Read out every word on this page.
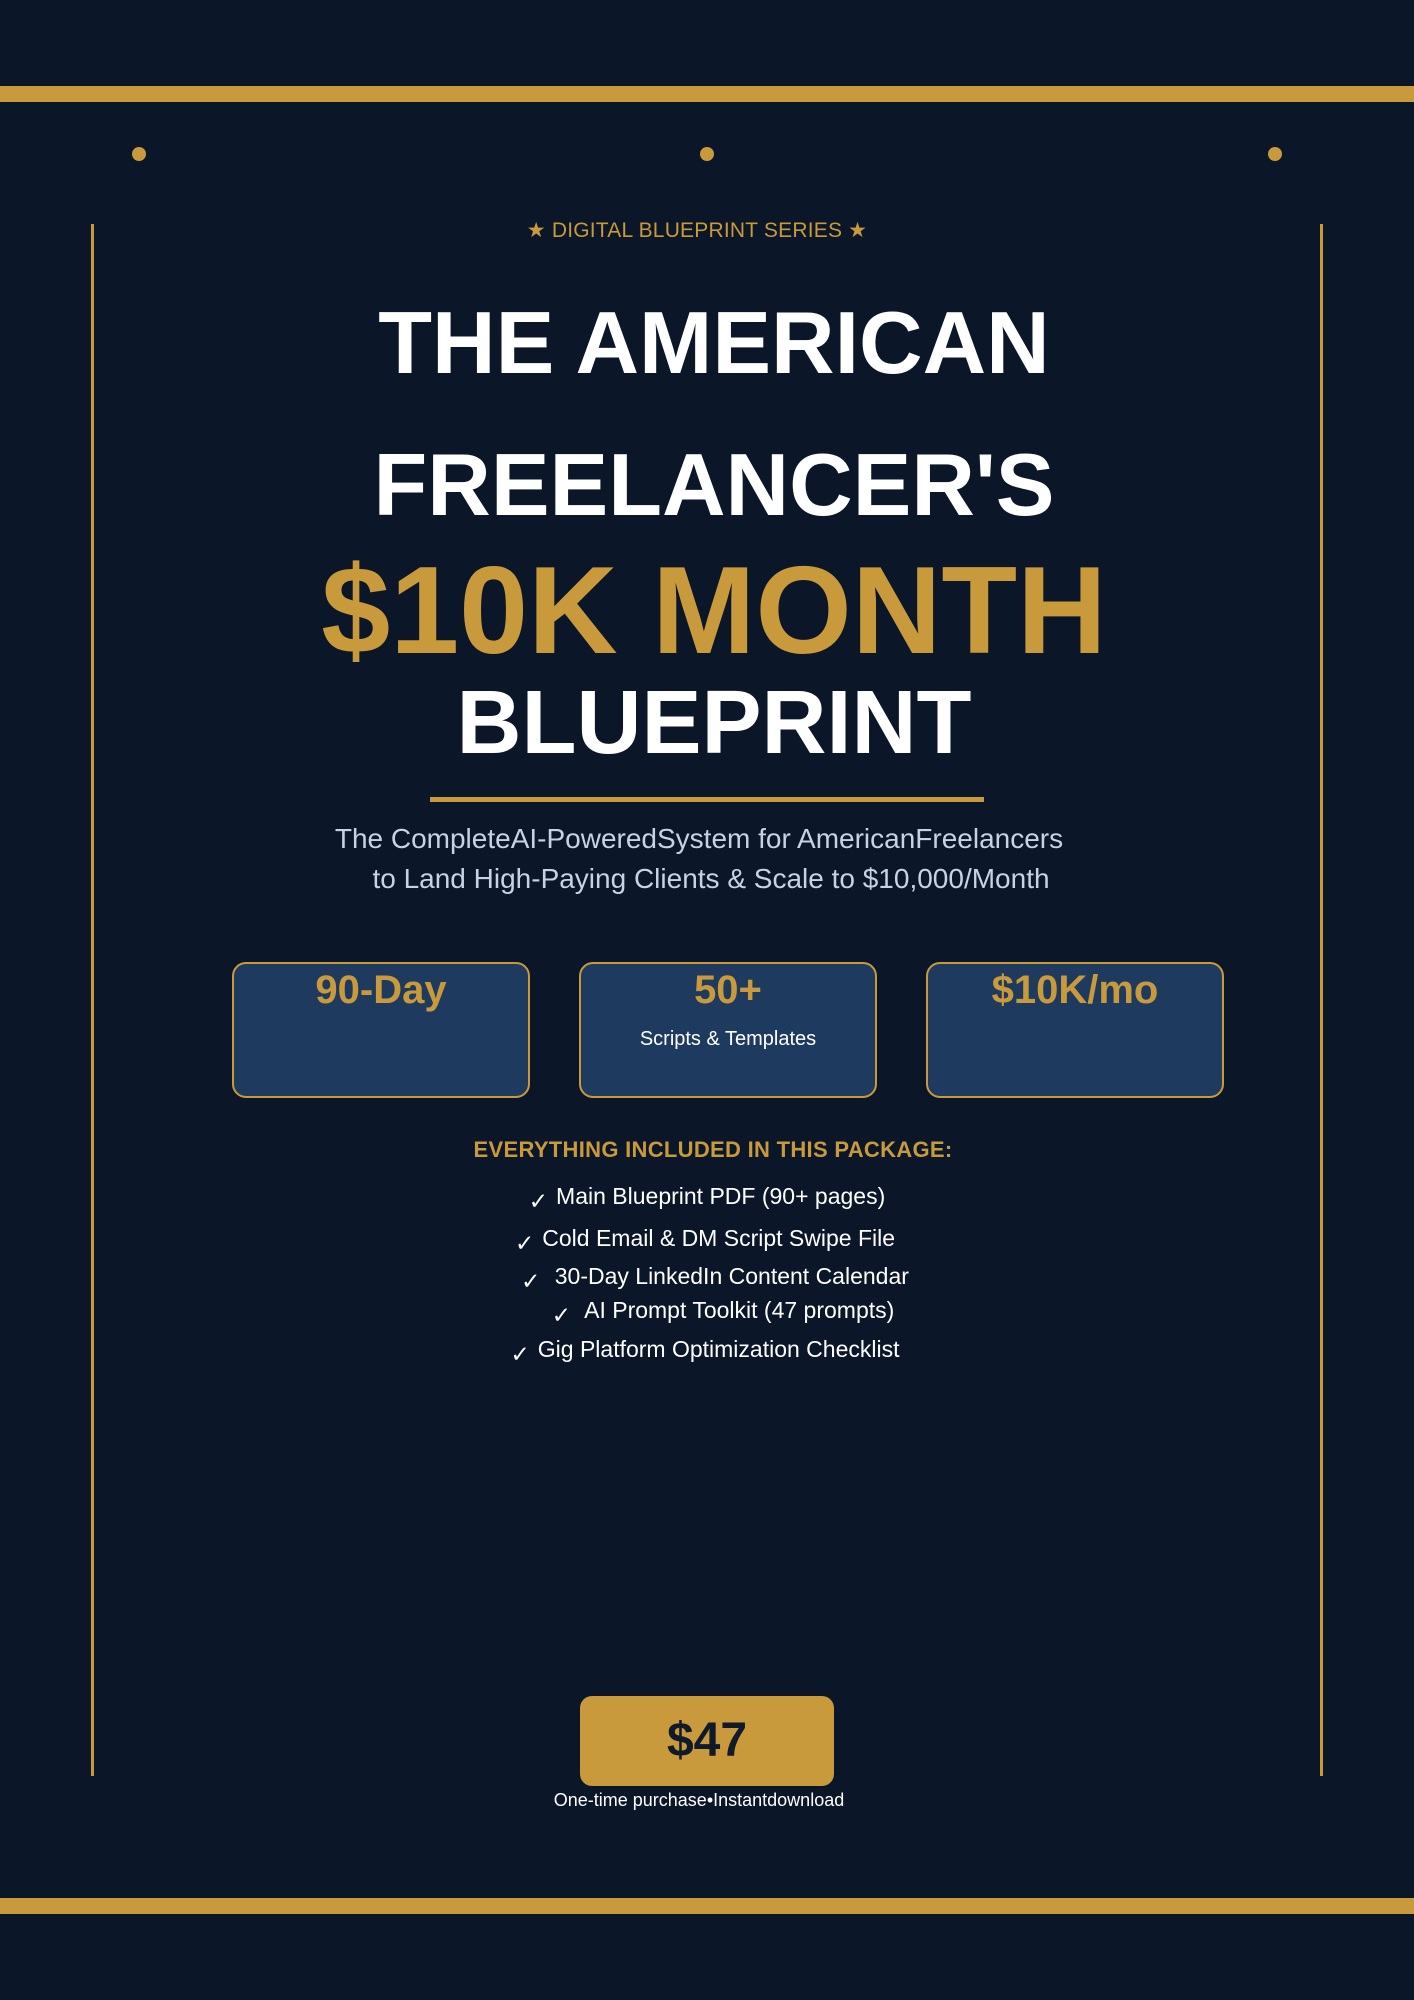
★ DIGITAL BLUEPRINT SERIES ★
THE AMERICAN
FREELANCER'S
$10K MONTH
BLUEPRINT
The CompleteAI-PoweredSystem for AmericanFreelancers
to Land High-Paying Clients & Scale to $10,000/Month
90-Day	50+
Scripts & Templates
$10K/mo
EVERYTHING INCLUDED IN THIS PACKAGE:
✓ Main Blueprint PDF (90+ pages)
✓ Cold Email & DM Script Swipe File
✓ 30-Day LinkedIn Content Calendar
✓ AI Prompt Toolkit (47 prompts)
✓ Gig Platform Optimization Checklist
$47
One-time purchase•Instantdownload
